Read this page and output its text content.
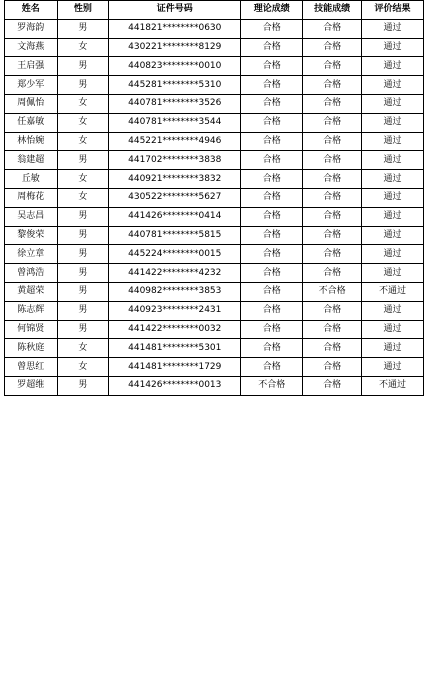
姓名	性别	证件号码	理论成绩	技能成绩	评价结果
罗海韵	男	441821********0630	合格	合格	通过
文海燕	女	430221********8129	合格	合格	通过
王启强	男	440823********0010	合格	合格	通过
郑少军	男	445281********5310	合格	合格	通过
周佩怡	女	440781********3526	合格	合格	通过
任嘉敏	女	440781********3544	合格	合格	通过
林怡婉	女	445221********4946	合格	合格	通过
翁建超	男	441702********3838	合格	合格	通过
丘敏	女	440921********3832	合格	合格	通过
周梅花	女	430522********5627	合格	合格	通过
吴志昌	男	441426********0414	合格	合格	通过
黎俊荣	男	440781********5815	合格	合格	通过
徐立章	男	445224********0015	合格	合格	通过
曾鸿浩	男	441422********4232	合格	合格	通过
黄超荣	男	440982********3853	合格	不合格	不通过
陈志辉	男	440923********2431	合格	合格	通过
何锦贤	男	441422********0032	合格	合格	通过
陈秋庭	女	441481********5301	合格	合格	通过
曾思红	女	441481********1729	合格	合格	通过
罗超维	男	441426********0013	不合格	合格	不通过
